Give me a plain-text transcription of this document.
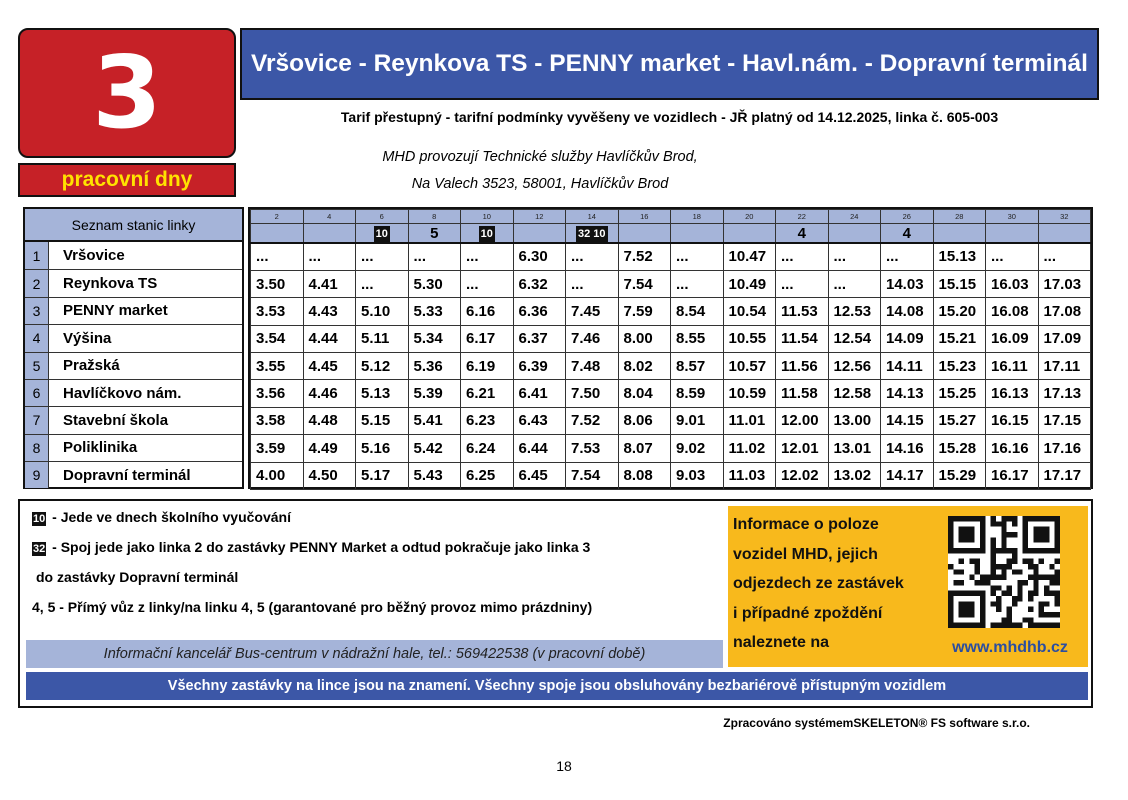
3
pracovní dny
Vršovice - Reynkova TS - PENNY market - Havl.nám. - Dopravní terminál
Tarif přestupný - tarifní podmínky vyvěšeny ve vozidlech - JŘ platný od 14.12.2025, linka č. 605-003
MHD provozují Technické služby Havlíčkův Brod,
Na Valech 3523, 58001, Havlíčkův Brod
Seznam stanic linky
1	Vršovice
2	Reynkova TS
3	PENNY market
4	Výšina
5	Pražská
6	Havlíčkovo nám.
7	Stavební škola
8	Poliklinika
9	Dopravní terminál
2	4	6	8	10	12	14	16	18	20	22	24	26	28	30	32
		10	5	10		32 10				4		4			
...	...	...	...	...	6.30	...	7.52	...	10.47	...	...	...	15.13	...	...
3.50	4.41	...	5.30	...	6.32	...	7.54	...	10.49	...	...	14.03	15.15	16.03	17.03
3.53	4.43	5.10	5.33	6.16	6.36	7.45	7.59	8.54	10.54	11.53	12.53	14.08	15.20	16.08	17.08
3.54	4.44	5.11	5.34	6.17	6.37	7.46	8.00	8.55	10.55	11.54	12.54	14.09	15.21	16.09	17.09
3.55	4.45	5.12	5.36	6.19	6.39	7.48	8.02	8.57	10.57	11.56	12.56	14.11	15.23	16.11	17.11
3.56	4.46	5.13	5.39	6.21	6.41	7.50	8.04	8.59	10.59	11.58	12.58	14.13	15.25	16.13	17.13
3.58	4.48	5.15	5.41	6.23	6.43	7.52	8.06	9.01	11.01	12.00	13.00	14.15	15.27	16.15	17.15
3.59	4.49	5.16	5.42	6.24	6.44	7.53	8.07	9.02	11.02	12.01	13.01	14.16	15.28	16.16	17.16
4.00	4.50	5.17	5.43	6.25	6.45	7.54	8.08	9.03	11.03	12.02	13.02	14.17	15.29	16.17	17.17
10 - Jede ve dnech školního vyučování
32 - Spoj jede jako linka 2 do zastávky PENNY Market a odtud pokračuje jako linka 3
do zastávky Dopravní terminál
4, 5 - Přímý vůz z linky/na linku 4, 5 (garantované pro běžný provoz mimo prázdniny)
Informační kancelář Bus-centrum v nádražní hale, tel.: 569422538 (v pracovní době)
Informace o poloze
vozidel MHD, jejich
odjezdech ze zastávek
i případné zpoždění
naleznete na	www.mhdhb.cz
Všechny zastávky na lince jsou na znamení. Všechny spoje jsou obsluhovány bezbariérově přístupným vozidlem
Zpracováno systémemSKELETON® FS software s.r.o.
18
